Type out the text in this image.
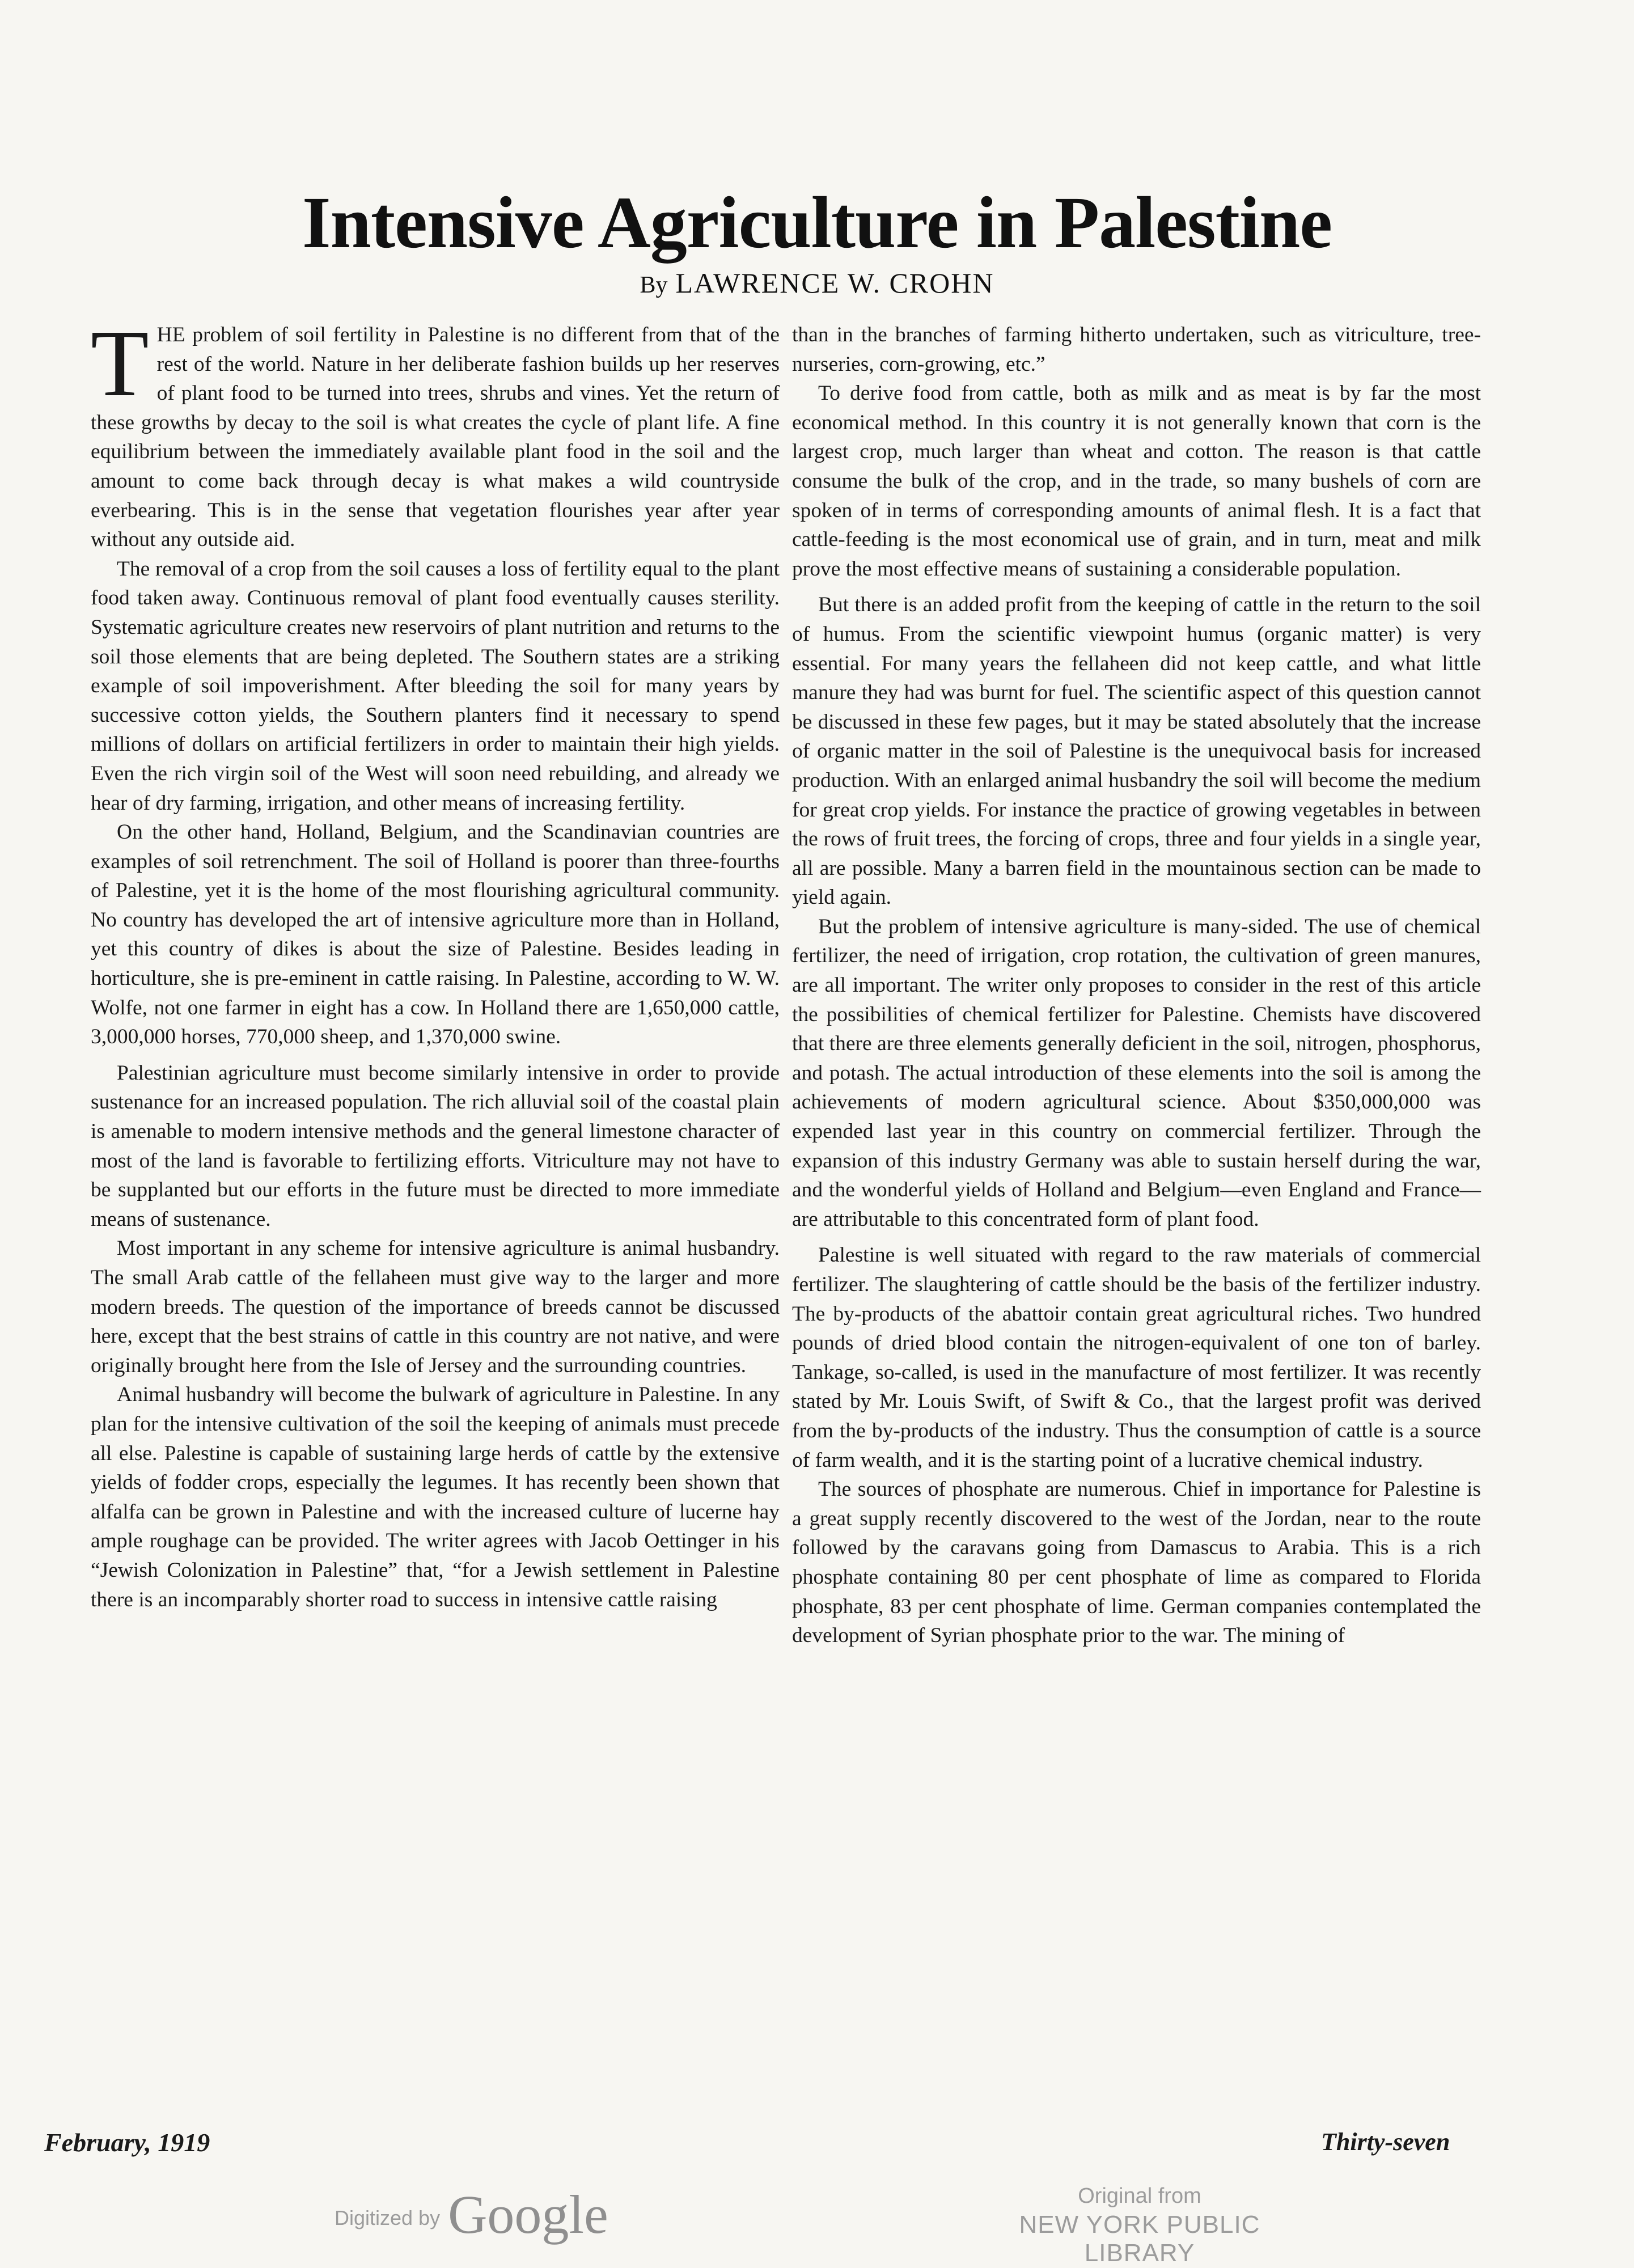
Intensive Agriculture in Palestine
By LAWRENCE W. CROHN

THE problem of soil fertility in Palestine is no different from that of the rest of the world. Nature in her deliberate fashion builds up her reserves of plant food to be turned into trees, shrubs and vines. Yet the return of these growths by decay to the soil is what creates the cycle of plant life. A fine equilibrium between the immediately available plant food in the soil and the amount to come back through decay is what makes a wild countryside everbearing. This is in the sense that vegetation flourishes year after year without any outside aid.

The removal of a crop from the soil causes a loss of fertility equal to the plant food taken away. Continuous removal of plant food eventually causes sterility. Systematic agriculture creates new reservoirs of plant nutrition and returns to the soil those elements that are being depleted. The Southern states are a striking example of soil impoverishment. After bleeding the soil for many years by successive cotton yields, the Southern planters find it necessary to spend millions of dollars on artificial fertilizers in order to maintain their high yields. Even the rich virgin soil of the West will soon need rebuilding, and already we hear of dry farming, irrigation, and other means of increasing fertility.

On the other hand, Holland, Belgium, and the Scandinavian countries are examples of soil retrenchment. The soil of Holland is poorer than three-fourths of Palestine, yet it is the home of the most flourishing agricultural community. No country has developed the art of intensive agriculture more than in Holland, yet this country of dikes is about the size of Palestine. Besides leading in horticulture, she is pre-eminent in cattle raising. In Palestine, according to W. W. Wolfe, not one farmer in eight has a cow. In Holland there are 1,650,000 cattle, 3,000,000 horses, 770,000 sheep, and 1,370,000 swine.

Palestinian agriculture must become similarly intensive in order to provide sustenance for an increased population. The rich alluvial soil of the coastal plain is amenable to modern intensive methods and the general limestone character of most of the land is favorable to fertilizing efforts. Vitriculture may not have to be supplanted but our efforts in the future must be directed to more immediate means of sustenance.

Most important in any scheme for intensive agriculture is animal husbandry. The small Arab cattle of the fellaheen must give way to the larger and more modern breeds. The question of the importance of breeds cannot be discussed here, except that the best strains of cattle in this country are not native, and were originally brought here from the Isle of Jersey and the surrounding countries.

Animal husbandry will become the bulwark of agriculture in Palestine. In any plan for the intensive cultivation of the soil the keeping of animals must precede all else. Palestine is capable of sustaining large herds of cattle by the extensive yields of fodder crops, especially the legumes. It has recently been shown that alfalfa can be grown in Palestine and with the increased culture of lucerne hay ample roughage can be provided. The writer agrees with Jacob Oettinger in his “Jewish Colonization in Palestine” that, “for a Jewish settlement in Palestine there is an incomparably shorter road to success in intensive cattle raising

than in the branches of farming hitherto undertaken, such as vitriculture, tree-nurseries, corn-growing, etc.”

To derive food from cattle, both as milk and as meat is by far the most economical method. In this country it is not generally known that corn is the largest crop, much larger than wheat and cotton. The reason is that cattle consume the bulk of the crop, and in the trade, so many bushels of corn are spoken of in terms of corresponding amounts of animal flesh. It is a fact that cattle-feeding is the most economical use of grain, and in turn, meat and milk prove the most effective means of sustaining a considerable population.

But there is an added profit from the keeping of cattle in the return to the soil of humus. From the scientific viewpoint humus (organic matter) is very essential. For many years the fellaheen did not keep cattle, and what little manure they had was burnt for fuel. The scientific aspect of this question cannot be discussed in these few pages, but it may be stated absolutely that the increase of organic matter in the soil of Palestine is the unequivocal basis for increased production. With an enlarged animal husbandry the soil will become the medium for great crop yields. For instance the practice of growing vegetables in between the rows of fruit trees, the forcing of crops, three and four yields in a single year, all are possible. Many a barren field in the mountainous section can be made to yield again.

But the problem of intensive agriculture is many-sided. The use of chemical fertilizer, the need of irrigation, crop rotation, the cultivation of green manures, are all important. The writer only proposes to consider in the rest of this article the possibilities of chemical fertilizer for Palestine. Chemists have discovered that there are three elements generally deficient in the soil, nitrogen, phosphorus, and potash. The actual introduction of these elements into the soil is among the achievements of modern agricultural science. About $350,000,000 was expended last year in this country on commercial fertilizer. Through the expansion of this industry Germany was able to sustain herself during the war, and the wonderful yields of Holland and Belgium—even England and France—are attributable to this concentrated form of plant food.

Palestine is well situated with regard to the raw materials of commercial fertilizer. The slaughtering of cattle should be the basis of the fertilizer industry. The by-products of the abattoir contain great agricultural riches. Two hundred pounds of dried blood contain the nitrogen-equivalent of one ton of barley. Tankage, so-called, is used in the manufacture of most fertilizer. It was recently stated by Mr. Louis Swift, of Swift & Co., that the largest profit was derived from the by-products of the industry. Thus the consumption of cattle is a source of farm wealth, and it is the starting point of a lucrative chemical industry.

The sources of phosphate are numerous. Chief in importance for Palestine is a great supply recently discovered to the west of the Jordan, near to the route followed by the caravans going from Damascus to Arabia. This is a rich phosphate containing 80 per cent phosphate of lime as compared to Florida phosphate, 83 per cent phosphate of lime. German companies contemplated the development of Syrian phosphate prior to the war. The mining of

February, 1919	Thirty-seven
Digitized by Google	Original from
NEW YORK PUBLIC LIBRARY
